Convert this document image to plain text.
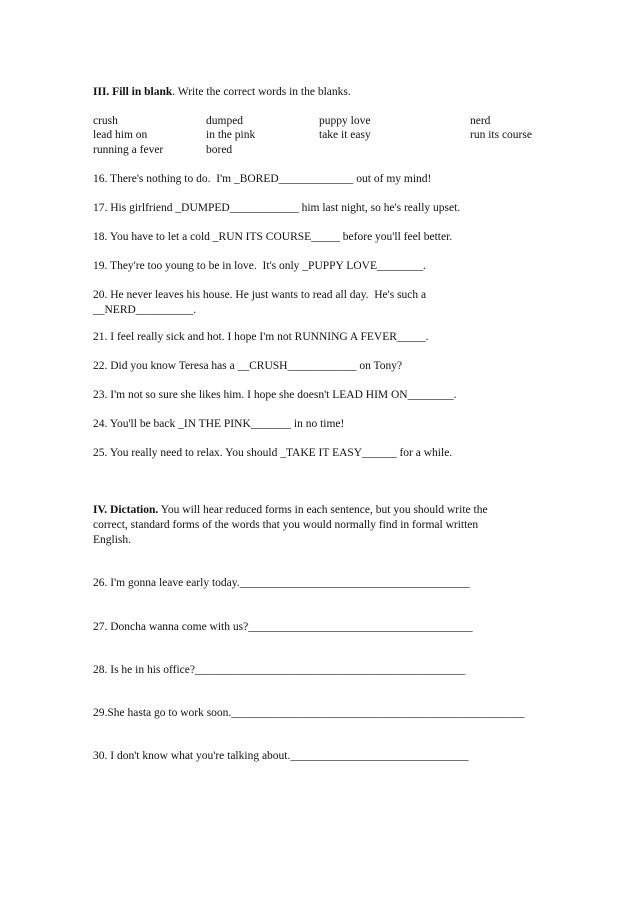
III. Fill in blank. Write the correct words in the blanks.
crush	dumped	puppy love	nerd
lead him on	in the pink	take it easy	run its course
running a fever	bored
16. There's nothing to do.  I'm _BORED_____________ out of my mind!
17. His girlfriend _DUMPED____________ him last night, so he's really upset.
18. You have to let a cold _RUN ITS COURSE_____ before you'll feel better.
19. They're too young to be in love.  It's only _PUPPY LOVE________.
20. He never leaves his house. He just wants to read all day.  He's such a
__NERD__________.
21. I feel really sick and hot. I hope I'm not RUNNING A FEVER_____.
22. Did you know Teresa has a __CRUSH____________ on Tony?
23. I'm not so sure she likes him. I hope she doesn't LEAD HIM ON________.
24. You'll be back _IN THE PINK_______ in no time!
25. You really need to relax. You should _TAKE IT EASY______ for a while.
IV. Dictation. You will hear reduced forms in each sentence, but you should write the
correct, standard forms of the words that you would normally find in formal written
English.
26. I'm gonna leave early today.________________________________________
27. Doncha wanna come with us?_______________________________________
28. Is he in his office?_______________________________________________
29.She hasta go to work soon.___________________________________________________
30. I don't know what you're talking about._______________________________
